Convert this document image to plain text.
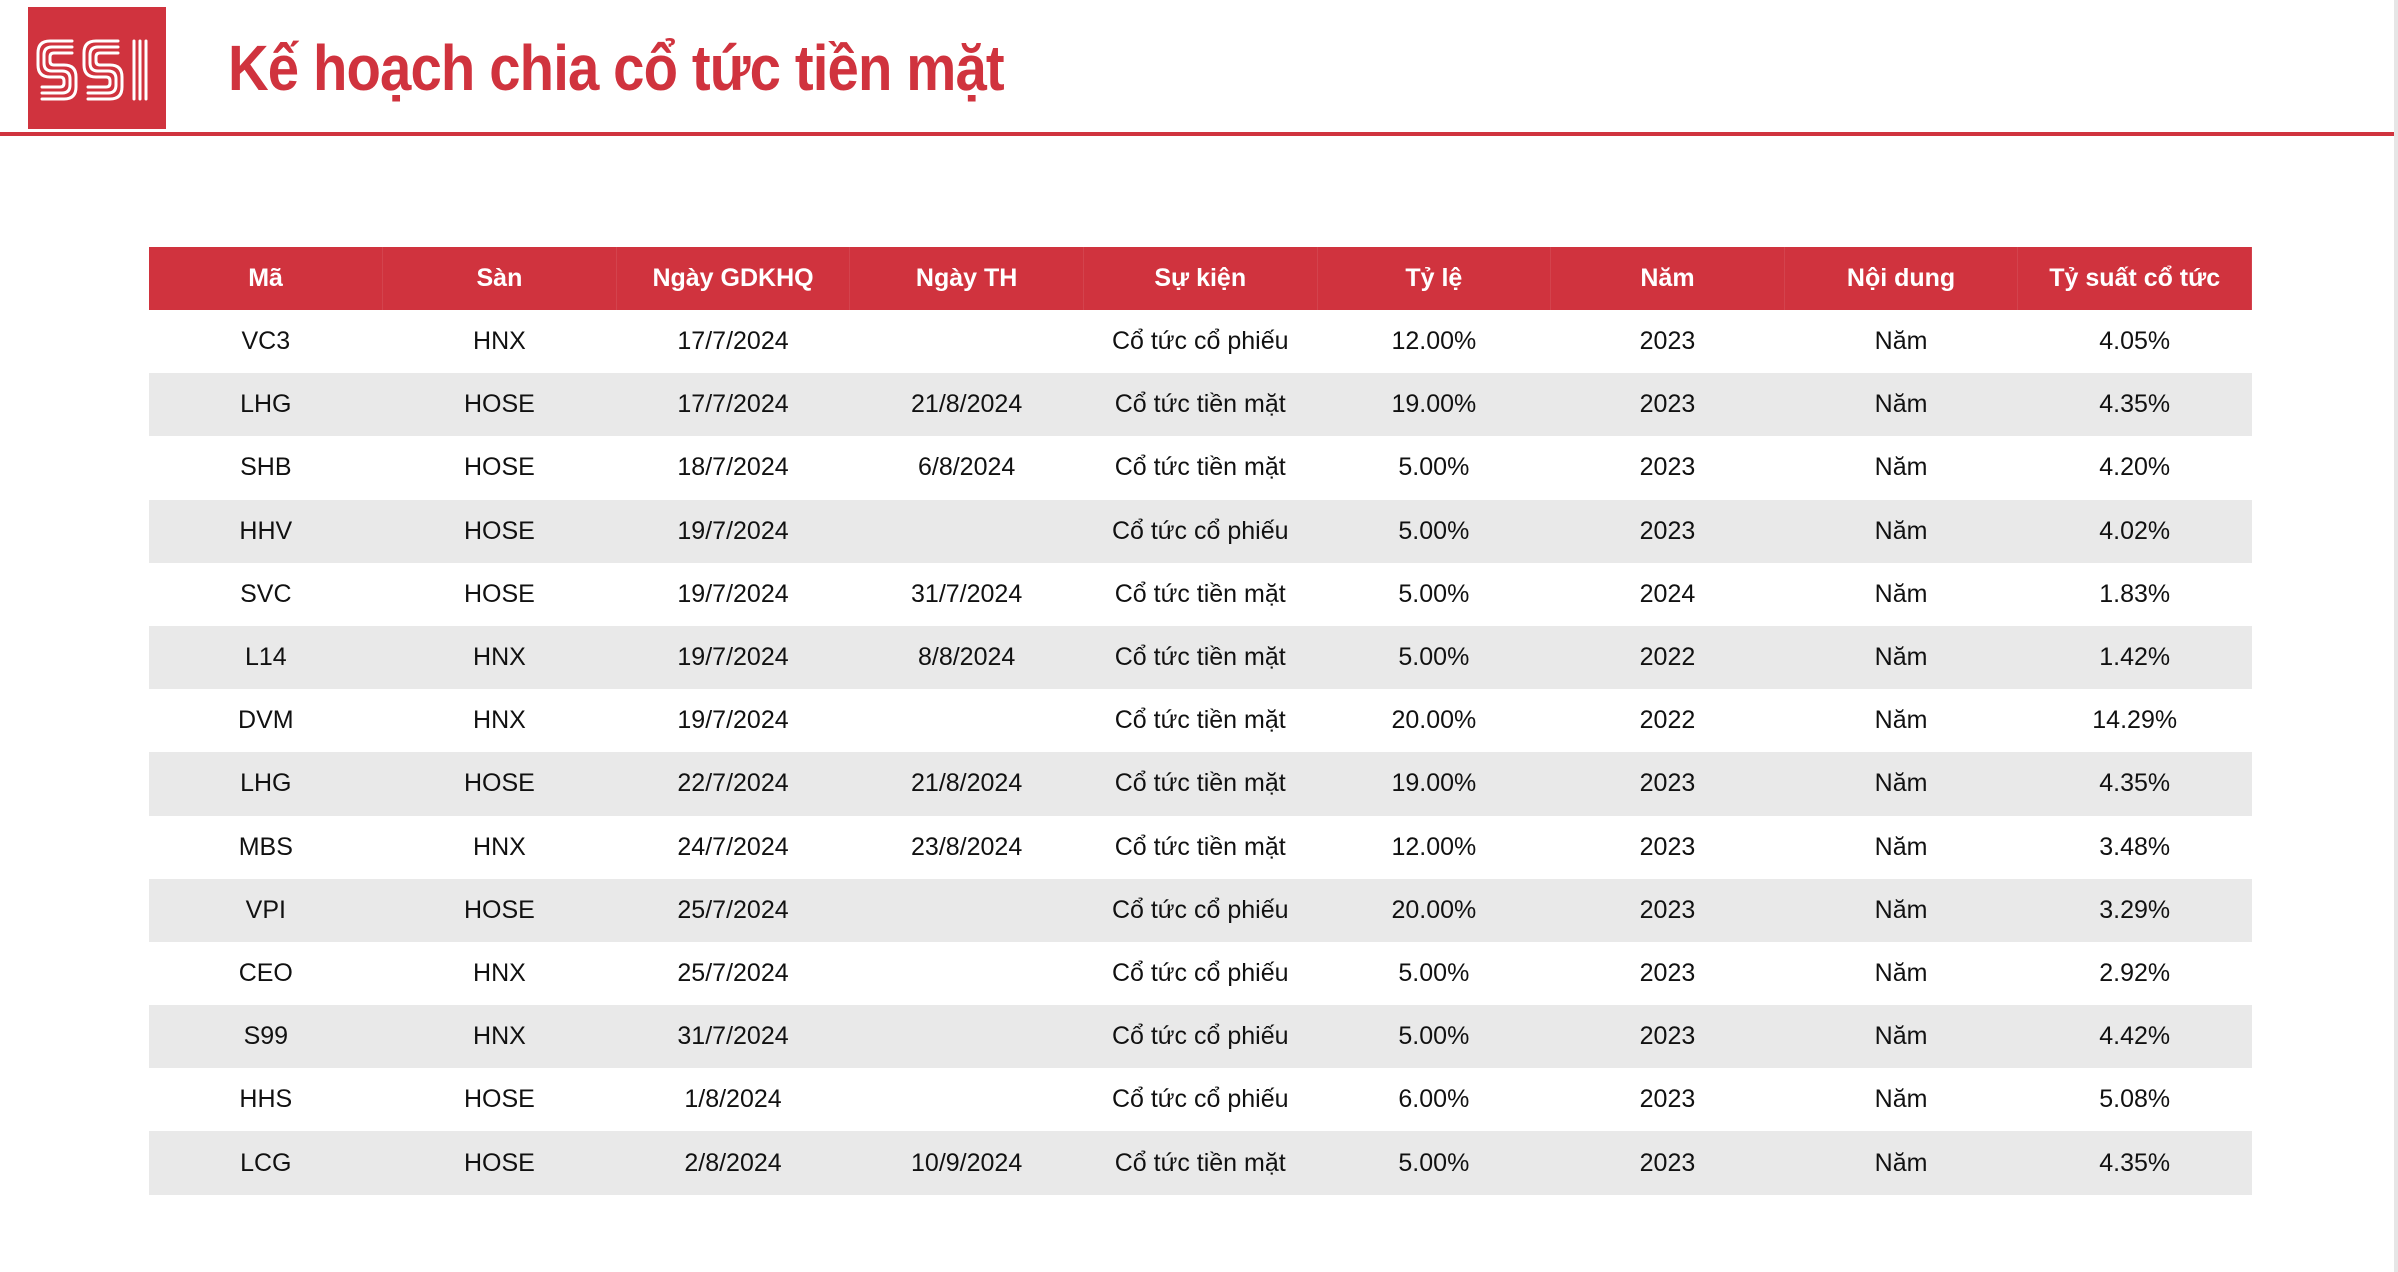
Kế hoạch chia cổ tức tiền mặt
Mã	Sàn	Ngày GDKHQ	Ngày TH	Sự kiện	Tỷ lệ	Năm	Nội dung	Tỷ suất cổ tức
VC3	HNX	17/7/2024		Cổ tức cổ phiếu	12.00%	2023	Năm	4.05%
LHG	HOSE	17/7/2024	21/8/2024	Cổ tức tiền mặt	19.00%	2023	Năm	4.35%
SHB	HOSE	18/7/2024	6/8/2024	Cổ tức tiền mặt	5.00%	2023	Năm	4.20%
HHV	HOSE	19/7/2024		Cổ tức cổ phiếu	5.00%	2023	Năm	4.02%
SVC	HOSE	19/7/2024	31/7/2024	Cổ tức tiền mặt	5.00%	2024	Năm	1.83%
L14	HNX	19/7/2024	8/8/2024	Cổ tức tiền mặt	5.00%	2022	Năm	1.42%
DVM	HNX	19/7/2024		Cổ tức tiền mặt	20.00%	2022	Năm	14.29%
LHG	HOSE	22/7/2024	21/8/2024	Cổ tức tiền mặt	19.00%	2023	Năm	4.35%
MBS	HNX	24/7/2024	23/8/2024	Cổ tức tiền mặt	12.00%	2023	Năm	3.48%
VPI	HOSE	25/7/2024		Cổ tức cổ phiếu	20.00%	2023	Năm	3.29%
CEO	HNX	25/7/2024		Cổ tức cổ phiếu	5.00%	2023	Năm	2.92%
S99	HNX	31/7/2024		Cổ tức cổ phiếu	5.00%	2023	Năm	4.42%
HHS	HOSE	1/8/2024		Cổ tức cổ phiếu	6.00%	2023	Năm	5.08%
LCG	HOSE	2/8/2024	10/9/2024	Cổ tức tiền mặt	5.00%	2023	Năm	4.35%
